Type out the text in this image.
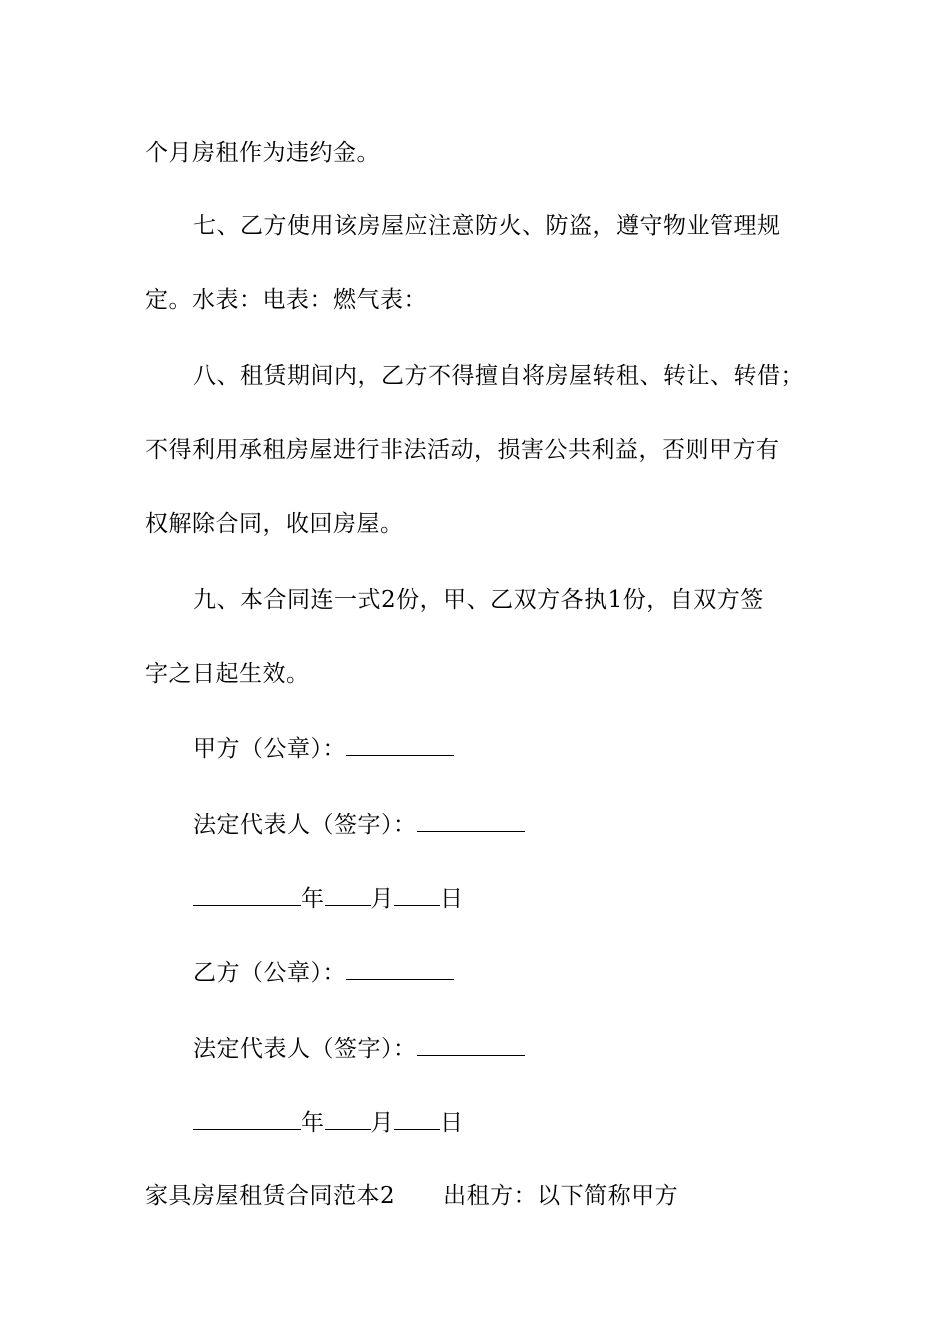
个月房租作为违约金。
七、乙方使用该房屋应注意防火、防盗，遵守物业管理规
定。水表：电表：燃气表：
八、租赁期间内，乙方不得擅自将房屋转租、转让、转借；
不得利用承租房屋进行非法活动，损害公共利益，否则甲方有
权解除合同，收回房屋。
九、本合同连一式2份，甲、乙双方各执1份，自双方签
字之日起生效。
甲方（公章）：
法定代表人（签字）：
年 月 日
乙方（公章）：
法定代表人（签字）：
年 月 日
家具房屋租赁合同范本2 出租方：以下简称甲方
